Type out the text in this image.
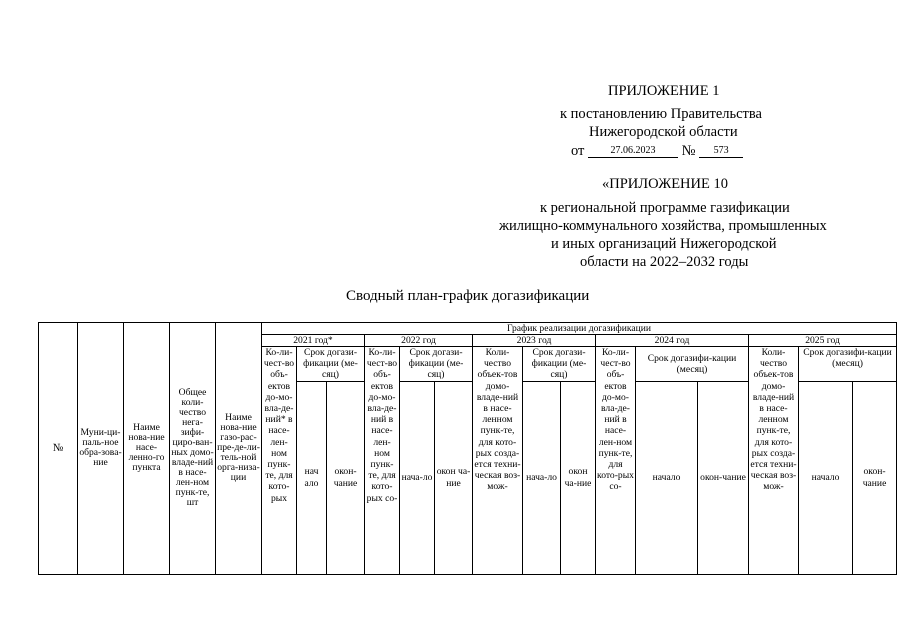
ПРИЛОЖЕНИЕ 1
к постановлению Правительства
Нижегородской области
от	27.06.2023 № 573
«ПРИЛОЖЕНИЕ 10
к региональной программе газификации
жилищно-коммунального хозяйства, промышленных
и иных организаций Нижегородской
области на 2022–2032 годы
Сводный план-график догазификации
№	Муни-ци-паль-ное обра-зова-ние	Наиме нова-ние насе-ленно-го пункта	Общее коли-чество нега-зифи-циро-ван-ных домо-владе-ний в насе-лен-ном пунк-те, шт	Наиме нова-ние газо-рас-пре-де-ли-тель-ной орга-низа-ции	График реализации догазификации														
					2021 год*			2022 год			2023 год			2024 год			2025 год		
					Ко-ли-чест-во объ-ектов до-мо-вла-де-ний* в насе-лен-ном пунк-те, для кото-рых	Срок догази-фикации (ме-сяц)		Ко-ли-чест-во объ-ектов до-мо-вла-де-ний в насе-лен-ном пунк-те, для кото-рых со-	Срок догази-фикации (ме-сяц)		Коли-чество объек-тов домо-владе-ний в насе-ленном пунк-те, для кото-рых созда-ется техни-ческая воз-мож-	Срок догази-фикации (ме-сяц)		Ко-ли-чест-во объ-ектов до-мо-вла-де-ний в насе-лен-ном пунк-те, для кото-рых со-	Срок догазифи-кации (месяц)		Коли-чество объек-тов домо-владе-ний в насе-ленном пунк-те, для кото-рых созда-ется техни-ческая воз-мож-	Срок догазифи-кации (месяц)	
						нач ало	окон-чание		нача-ло	окон ча-ние		нача-ло	окон ча-ние		начало	окон-чание		начало	окон-чание
